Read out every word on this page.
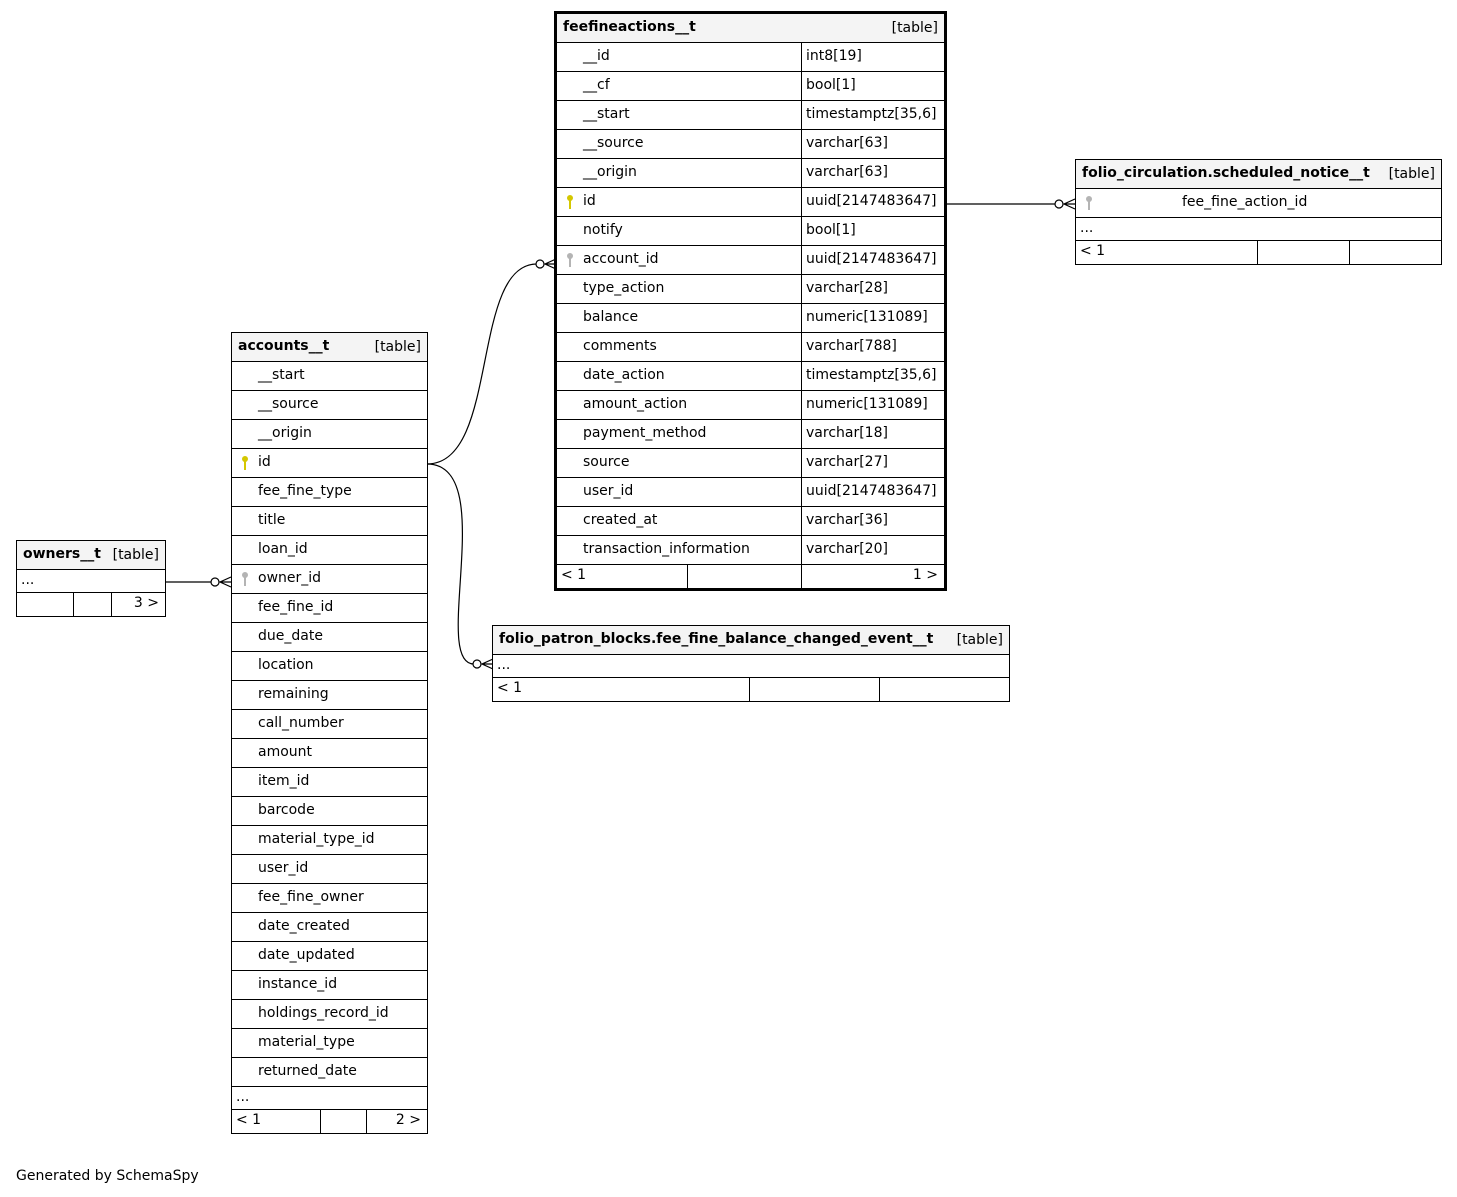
feefineactions__t	[table]
__id	int8[19]
__cf	bool[1]
__start	timestamptz[35,6]
__source	varchar[63]
__origin	varchar[63]
id	uuid[2147483647]
notify	bool[1]
account_id	uuid[2147483647]
type_action	varchar[28]
balance	numeric[131089]
comments	varchar[788]
date_action	timestamptz[35,6]
amount_action	numeric[131089]
payment_method	varchar[18]
source	varchar[27]
user_id	uuid[2147483647]
created_at	varchar[36]
transaction_information	varchar[20]
< 1	1 >
folio_circulation.scheduled_notice__t [table]
fee_fine_action_id
...
< 1
accounts__t	[table]
__start
__source
__origin
id
fee_fine_type
title
loan_id
owner_id
fee_fine_id
due_date
location
remaining
call_number
amount
item_id
barcode
material_type_id
user_id
fee_fine_owner
date_created
date_updated
instance_id
holdings_record_id
material_type
returned_date
...
< 1	2 >
owners__t [table]
...
3 >
folio_patron_blocks.fee_fine_balance_changed_event__t [table]
...
< 1
Generated by SchemaSpy
